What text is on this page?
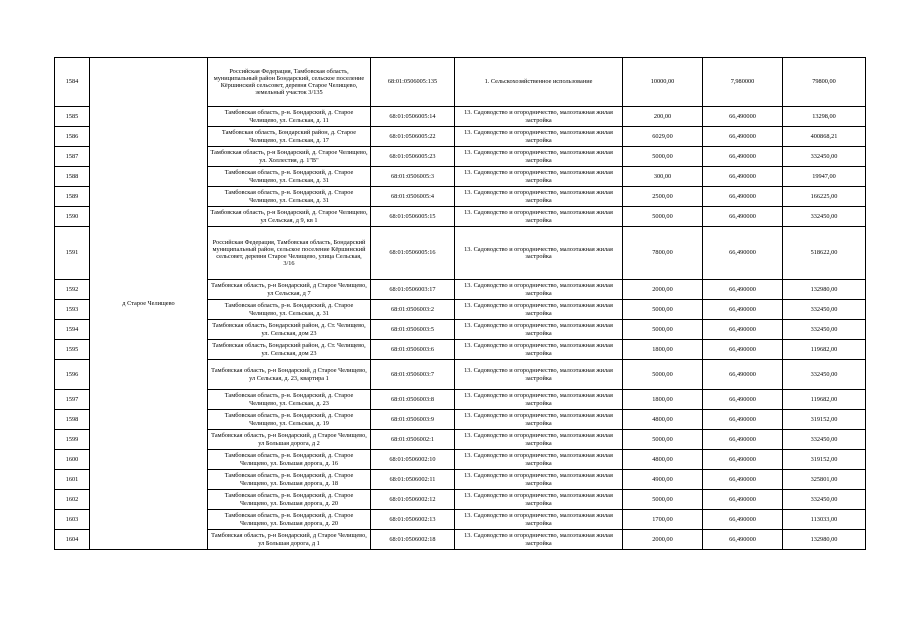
1584	д Старое Челищево	Российская Федерация, Тамбовская область, муниципальный район Бондарский, сельское поселение Кёршинский сельсовет, деревня Старое Челищево, земельный участок 3/135	68:01:0506005:135	1. Сельскохозяйственное использование	10000,00	7,980000	79800,00
1585		Тамбовская область, р-н. Бондарский, д. Старое Челищево, ул. Сельская, д. 11	68:01:0506005:14	13. Садоводство и огородничество, малоэтажная жилая застройка	200,00	66,490000	13298,00
1586		Тамбовская область, Бондарский район, д. Старое Челищево, ул. Сельская, д. 17	68:01:0506005:22	13. Садоводство и огородничество, малоэтажная жилая застройка	6029,00	66,490000	400868,21
1587		Тамбовская область, р-н Бондарский, д. Старое Челищево, ул. Холлестия, д. 1"В"	68:01:0506005:23	13. Садоводство и огородничество, малоэтажная жилая застройка	5000,00	66,490000	332450,00
1588		Тамбовская область, р-н. Бондарский, д. Старое Челищево, ул. Сельская, д. 31	68:01:0506005:3	13. Садоводство и огородничество, малоэтажная жилая застройка	300,00	66,490000	19947,00
1589		Тамбовская область, р-н. Бондарский, д. Старое Челищево, ул. Сельская, д. 31	68:01:0506005:4	13. Садоводство и огородничество, малоэтажная жилая застройка	2500,00	66,490000	166225,00
1590		Тамбовская область, р-н Бондарский, д. Старое Челищево, ул Сельская, д 9, кв 1	68:01:0506005:15	13. Садоводство и огородничество, малоэтажная жилая застройка	5000,00	66,490000	332450,00
1591		Российская Федерация, Тамбовская область, Бондарский муниципальный район, сельское поселение Кёршинский сельсовет, деревня Старое Челищево, улица Сельская, 3/16	68:01:0506005:16	13. Садоводство и огородничество, малоэтажная жилая застройка	7800,00	66,490000	518622,00
1592		Тамбовская область, р-н Бондарский, д Старое Челищево, ул Сельская, д 7	68:01:0506003:17	13. Садоводство и огородничество, малоэтажная жилая застройка	2000,00	66,490000	132980,00
1593		Тамбовская область, р-н. Бондарский, д. Старое Челищево, ул. Сельская, д. 31	68:01:0506003:2	13. Садоводство и огородничество, малоэтажная жилая застройка	5000,00	66,490000	332450,00
1594		Тамбовская область, Бондарский район, д. Ст. Челищево, ул. Сельская, дом 23	68:01:0506003:5	13. Садоводство и огородничество, малоэтажная жилая застройка	5000,00	66,490000	332450,00
1595		Тамбовская область, Бондарский район, д. Ст. Челищево, ул. Сельская, дом 23	68:01:0506003:6	13. Садоводство и огородничество, малоэтажная жилая застройка	1800,00	66,490000	119682,00
1596		Тамбовская область, р-н Бондарский, д Старое Челищево, ул Сельская, д. 23, квартира 1	68:01:0506003:7	13. Садоводство и огородничество, малоэтажная жилая застройка	5000,00	66,490000	332450,00
1597		Тамбовская область, р-н. Бондарский, д. Старое Челищево, ул. Сельская, д. 23	68:01:0506003:8	13. Садоводство и огородничество, малоэтажная жилая застройка	1800,00	66,490000	119682,00
1598		Тамбовская область, р-н. Бондарский, д. Старое Челищево, ул. Сельская, д. 19	68:01:0506003:9	13. Садоводство и огородничество, малоэтажная жилая застройка	4800,00	66,490000	319152,00
1599		Тамбовская область, р-н Бондарский, д Старое Челищево, ул Большая дорога, д 2	68:01:0506002:1	13. Садоводство и огородничество, малоэтажная жилая застройка	5000,00	66,490000	332450,00
1600		Тамбовская область, р-н. Бондарский, д. Старое Челищево, ул. Большая дорога, д. 16	68:01:0506002:10	13. Садоводство и огородничество, малоэтажная жилая застройка	4800,00	66,490000	319152,00
1601		Тамбовская область, р-н. Бондарский, д. Старое Челищево, ул. Большая дорога, д. 18	68:01:0506002:11	13. Садоводство и огородничество, малоэтажная жилая застройка	4900,00	66,490000	325801,00
1602		Тамбовская область, р-н. Бондарский, д. Старое Челищево, ул. Большая дорога, д. 20	68:01:0506002:12	13. Садоводство и огородничество, малоэтажная жилая застройка	5000,00	66,490000	332450,00
1603		Тамбовская область, р-н. Бондарский, д. Старое Челищево, ул. Большая дорога, д. 20	68:01:0506002:13	13. Садоводство и огородничество, малоэтажная жилая застройка	1700,00	66,490000	113033,00
1604		Тамбовская область, р-н Бондарский, д Старое Челищево, ул Большая дорога, д 1	68:01:0506002:18	13. Садоводство и огородничество, малоэтажная жилая застройка	2000,00	66,490000	132980,00
